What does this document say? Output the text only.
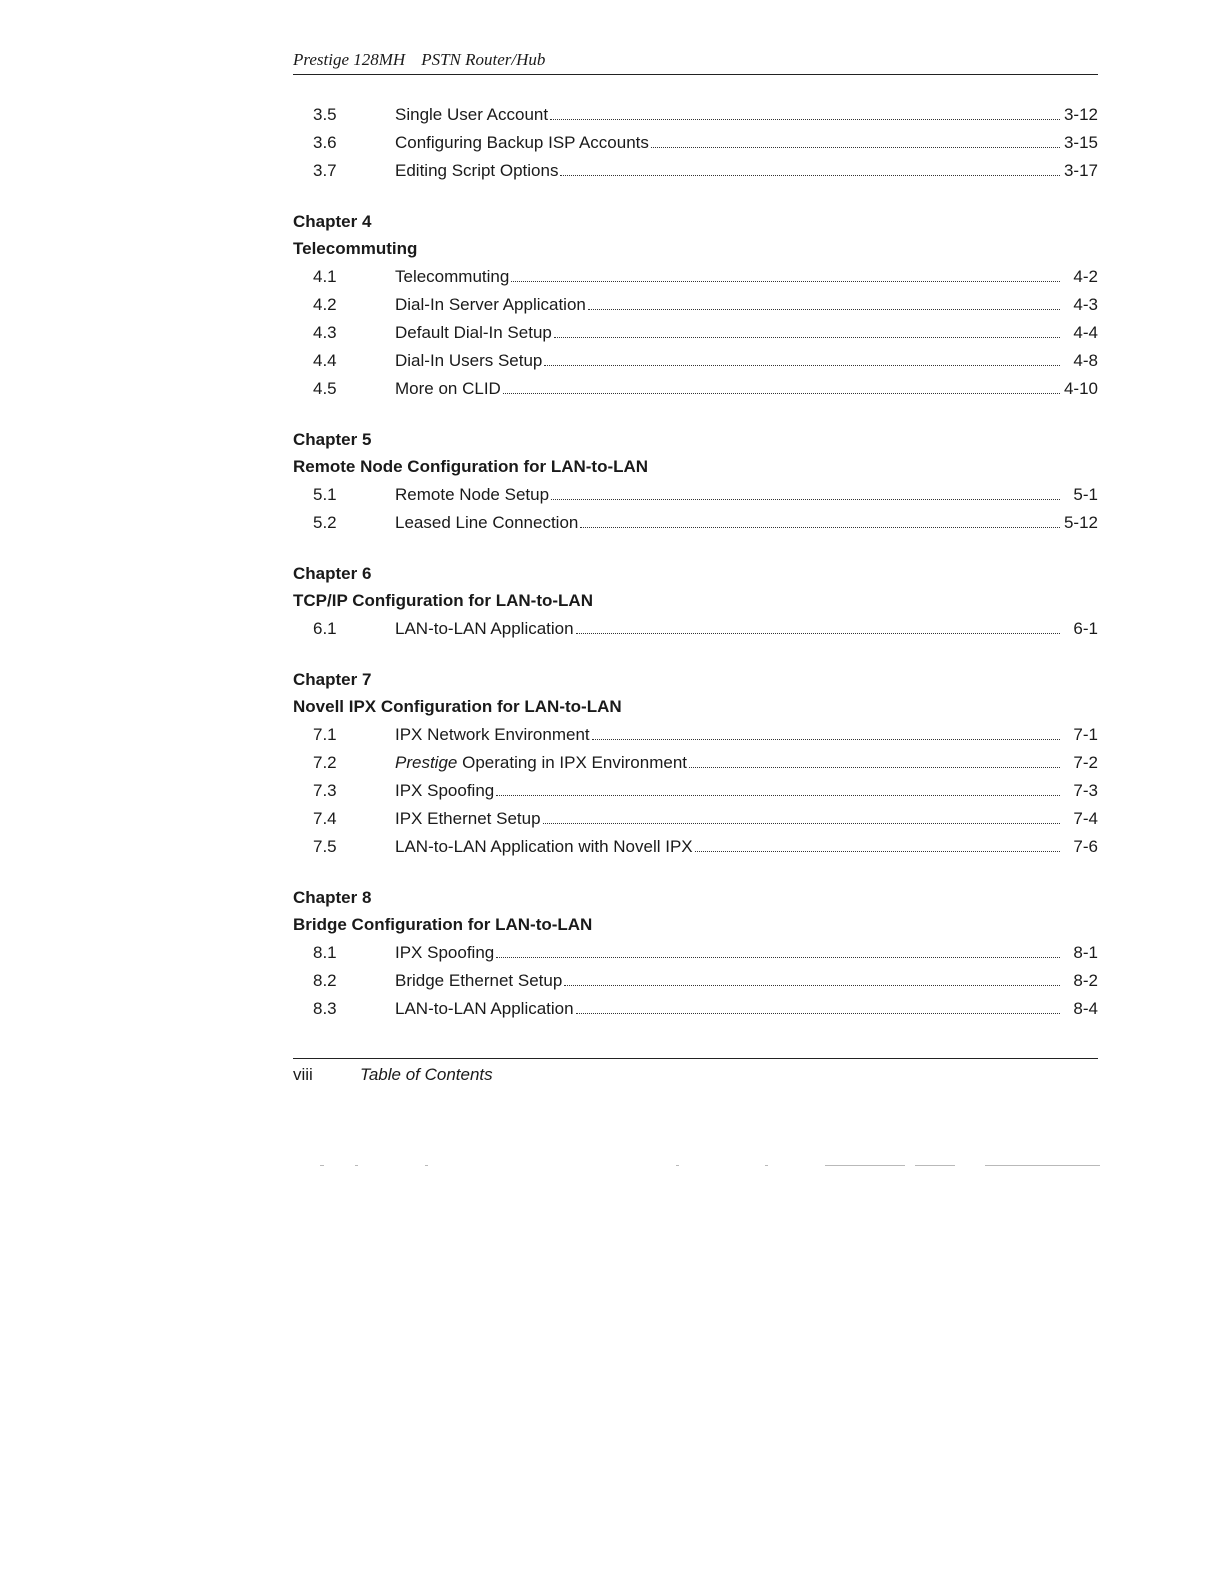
Prestige 128MH PSTN Router/Hub
3.5	Single User Account	3-12
3.6	Configuring Backup ISP Accounts	3-15
3.7	Editing Script Options	3-17
Chapter 4
Telecommuting
4.1	Telecommuting	4-2
4.2	Dial-In Server Application	4-3
4.3	Default Dial-In Setup	4-4
4.4	Dial-In Users Setup	4-8
4.5	More on CLID	4-10
Chapter 5
Remote Node Configuration for LAN-to-LAN
5.1	Remote Node Setup	5-1
5.2	Leased Line Connection	5-12
Chapter 6
TCP/IP Configuration for LAN-to-LAN
6.1	LAN-to-LAN Application	6-1
Chapter 7
Novell IPX Configuration for LAN-to-LAN
7.1	IPX Network Environment	7-1
7.2	Prestige Operating in IPX Environment	7-2
7.3	IPX Spoofing	7-3
7.4	IPX Ethernet Setup	7-4
7.5	LAN-to-LAN Application with Novell IPX	7-6
Chapter 8
Bridge Configuration for LAN-to-LAN
8.1	IPX Spoofing	8-1
8.2	Bridge Ethernet Setup	8-2
8.3	LAN-to-LAN Application	8-4
viii	Table of Contents
